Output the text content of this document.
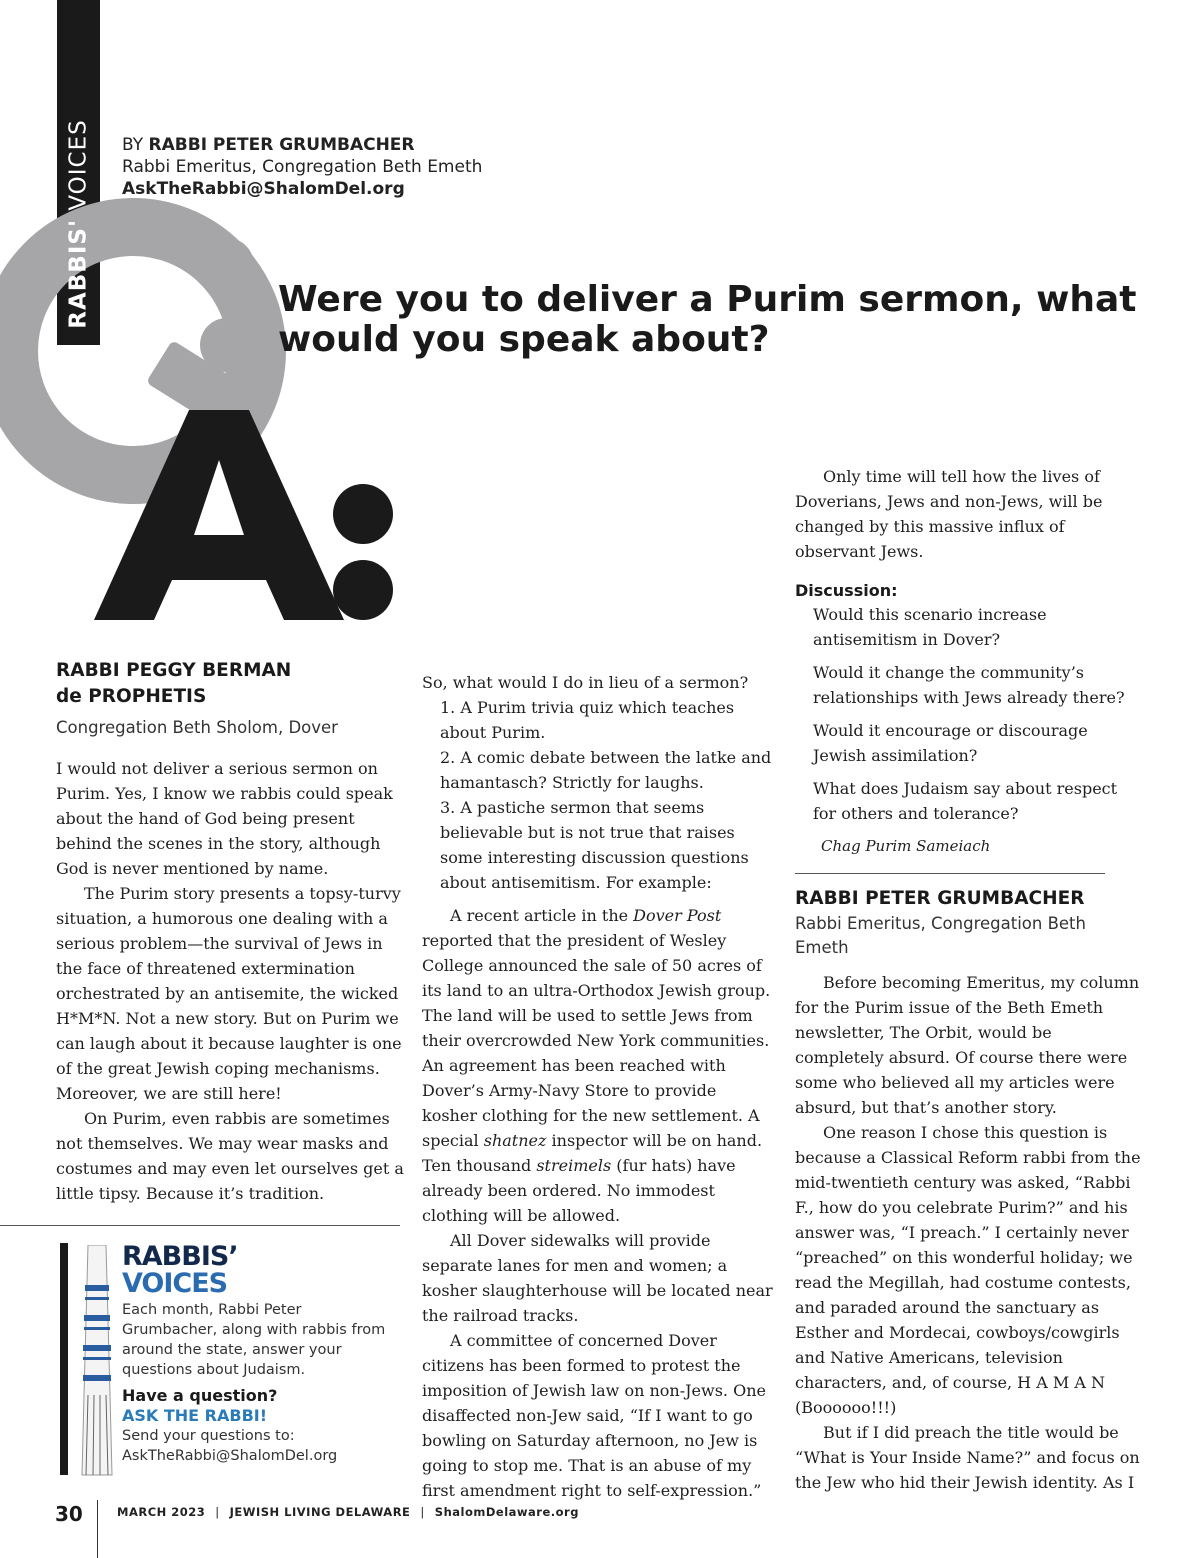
RABBIS' VOICES BY RABBI PETER GRUMBACHER
Rabbi Emeritus, Congregation Beth Emeth
AskTheRabbi@ShalomDel.org
Were you to deliver a Purim sermon, what would you speak about?
RABBI PEGGY BERMAN
de PROPHETIS
Congregation Beth Sholom, Dover

I would not deliver a serious sermon on Purim. Yes, I know we rabbis could speak about the hand of God being present behind the scenes in the story, although God is never mentioned by name.

The Purim story presents a topsy-turvy situation, a humorous one dealing with a serious problem—the survival of Jews in the face of threatened extermination orchestrated by an antisemite, the wicked H*M*N. Not a new story. But on Purim we can laugh about it because laughter is one of the great Jewish coping mechanisms. Moreover, we are still here!

On Purim, even rabbis are sometimes not themselves. We may wear masks and costumes and may even let ourselves get a little tipsy. Because it’s tradition.

RABBIS’
VOICES
Each month, Rabbi Peter Grumbacher, along with rabbis from around the state, answer your questions about Judaism.
Have a question?
ASK THE RABBI!
Send your questions to:
AskTheRabbi@ShalomDel.org

So, what would I do in lieu of a sermon?

1. A Purim trivia quiz which teaches about Purim.

2. A comic debate between the latke and hamantasch? Strictly for laughs.

3. A pastiche sermon that seems believable but is not true that raises some interesting discussion questions about antisemitism. For example:

A recent article in the Dover Post reported that the president of Wesley College announced the sale of 50 acres of its land to an ultra-Orthodox Jewish group. The land will be used to settle Jews from their overcrowded New York communities. An agreement has been reached with Dover’s Army-Navy Store to provide kosher clothing for the new settlement. A special shatnez inspector will be on hand. Ten thousand streimels (fur hats) have already been ordered. No immodest clothing will be allowed.

All Dover sidewalks will provide separate lanes for men and women; a kosher slaughterhouse will be located near the railroad tracks.

A committee of concerned Dover citizens has been formed to protest the imposition of Jewish law on non-Jews. One disaffected non-Jew said, “If I want to go bowling on Saturday afternoon, no Jew is going to stop me. That is an abuse of my first amendment right to self-expression.”

Only time will tell how the lives of Doverians, Jews and non-Jews, will be changed by this massive influx of observant Jews.

Discussion:

Would this scenario increase antisemitism in Dover?

Would it change the community’s relationships with Jews already there?

Would it encourage or discourage Jewish assimilation?

What does Judaism say about respect for others and tolerance?

Chag Purim Sameiach

RABBI PETER GRUMBACHER
Rabbi Emeritus, Congregation Beth Emeth

Before becoming Emeritus, my column for the Purim issue of the Beth Emeth newsletter, The Orbit, would be completely absurd. Of course there were some who believed all my articles were absurd, but that’s another story.

One reason I chose this question is because a Classical Reform rabbi from the mid-twentieth century was asked, “Rabbi F., how do you celebrate Purim?” and his answer was, “I preach.” I certainly never “preached” on this wonderful holiday; we read the Megillah, had costume contests, and paraded around the sanctuary as Esther and Mordecai, cowboys/cowgirls and Native Americans, television characters, and, of course, H A M A N (Boooooo!!!)

But if I did preach the title would be “What is Your Inside Name?” and focus on the Jew who hid their Jewish identity. As I

30	MARCH 2023 | JEWISH LIVING DELAWARE | ShalomDelaware.org
